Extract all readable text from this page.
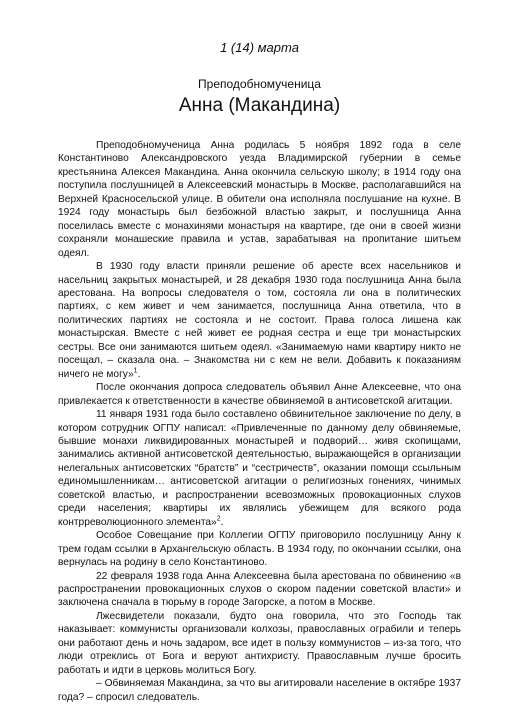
1 (14) марта
Преподобномученица
Анна (Макандина)

Преподобномученица Анна родилась 5 ноября 1892 года в селе Константиново Александровского уезда Владимирской губернии в семье крестьянина Алексея Макандина. Анна окончила сельскую школу; в 1914 году она поступила послушницей в Алексеевский монастырь в Москве, располагавшийся на Верхней Красносельской улице. В обители она исполняла послушание на кухне. В 1924 году монастырь был безбожной властью закрыт, и послушница Анна поселилась вместе с монахинями монастыря на квартире, где они в своей жизни сохраняли монашеские правила и устав, зарабатывая на пропитание шитьем одеял.

В 1930 году власти приняли решение об аресте всех насельников и насельниц закрытых монастырей, и 28 декабря 1930 года послушница Анна была арестована. На вопросы следователя о том, состояла ли она в политических партиях, с кем живет и чем занимается, послушница Анна ответила, что в политических партиях не состояла и не состоит. Права голоса лишена как монастырская. Вместе с ней живет ее родная сестра и еще три монастырских сестры. Все они занимаются шитьем одеял. «Занимаемую нами квартиру никто не посещал, – сказала она. – Знакомства ни с кем не вели. Добавить к показаниям ничего не могу»$^1$.

После окончания допроса следователь объявил Анне Алексеевне, что она привлекается к ответственности в качестве обвиняемой в антисоветской агитации.

11 января 1931 года было составлено обвинительное заключение по делу, в котором сотрудник ОГПУ написал: «Привлеченные по данному делу обвиняемые, бывшие монахи ликвидированных монастырей и подворий… живя скопищами, занимались активной антисоветской деятельностью, выражающейся в организации нелегальных антисоветских “братств” и “сестричеств”, оказании помощи ссыльным единомышленникам… антисоветской агитации о религиозных гонениях, чинимых советской властью, и распространении всевозможных провокационных слухов среди населения; квартиры их являлись убежищем для всякого рода контрреволюционного элемента»$^2$.

Особое Совещание при Коллегии ОГПУ приговорило послушницу Анну к трем годам ссылки в Архангельскую область. В 1934 году, по окончании ссылки, она вернулась на родину в село Константиново.

22 февраля 1938 года Анна Алексеевна была арестована по обвинению «в распространении провокационных слухов о скором падении советской власти» и заключена сначала в тюрьму в городе Загорске, а потом в Москве.

Лжесвидетели показали, будто она говорила, что это Господь так наказывает: коммунисты организовали колхозы, православных ограбили и теперь они работают день и ночь задаром, все идет в пользу коммунистов – из-за того, что люди отреклись от Бога и веруют антихристу. Православным лучше бросить работать и идти в церковь молиться Богу.

– Обвиняемая Макандина, за что вы агитировали население в октябре 1937 года? – спросил следователь.
